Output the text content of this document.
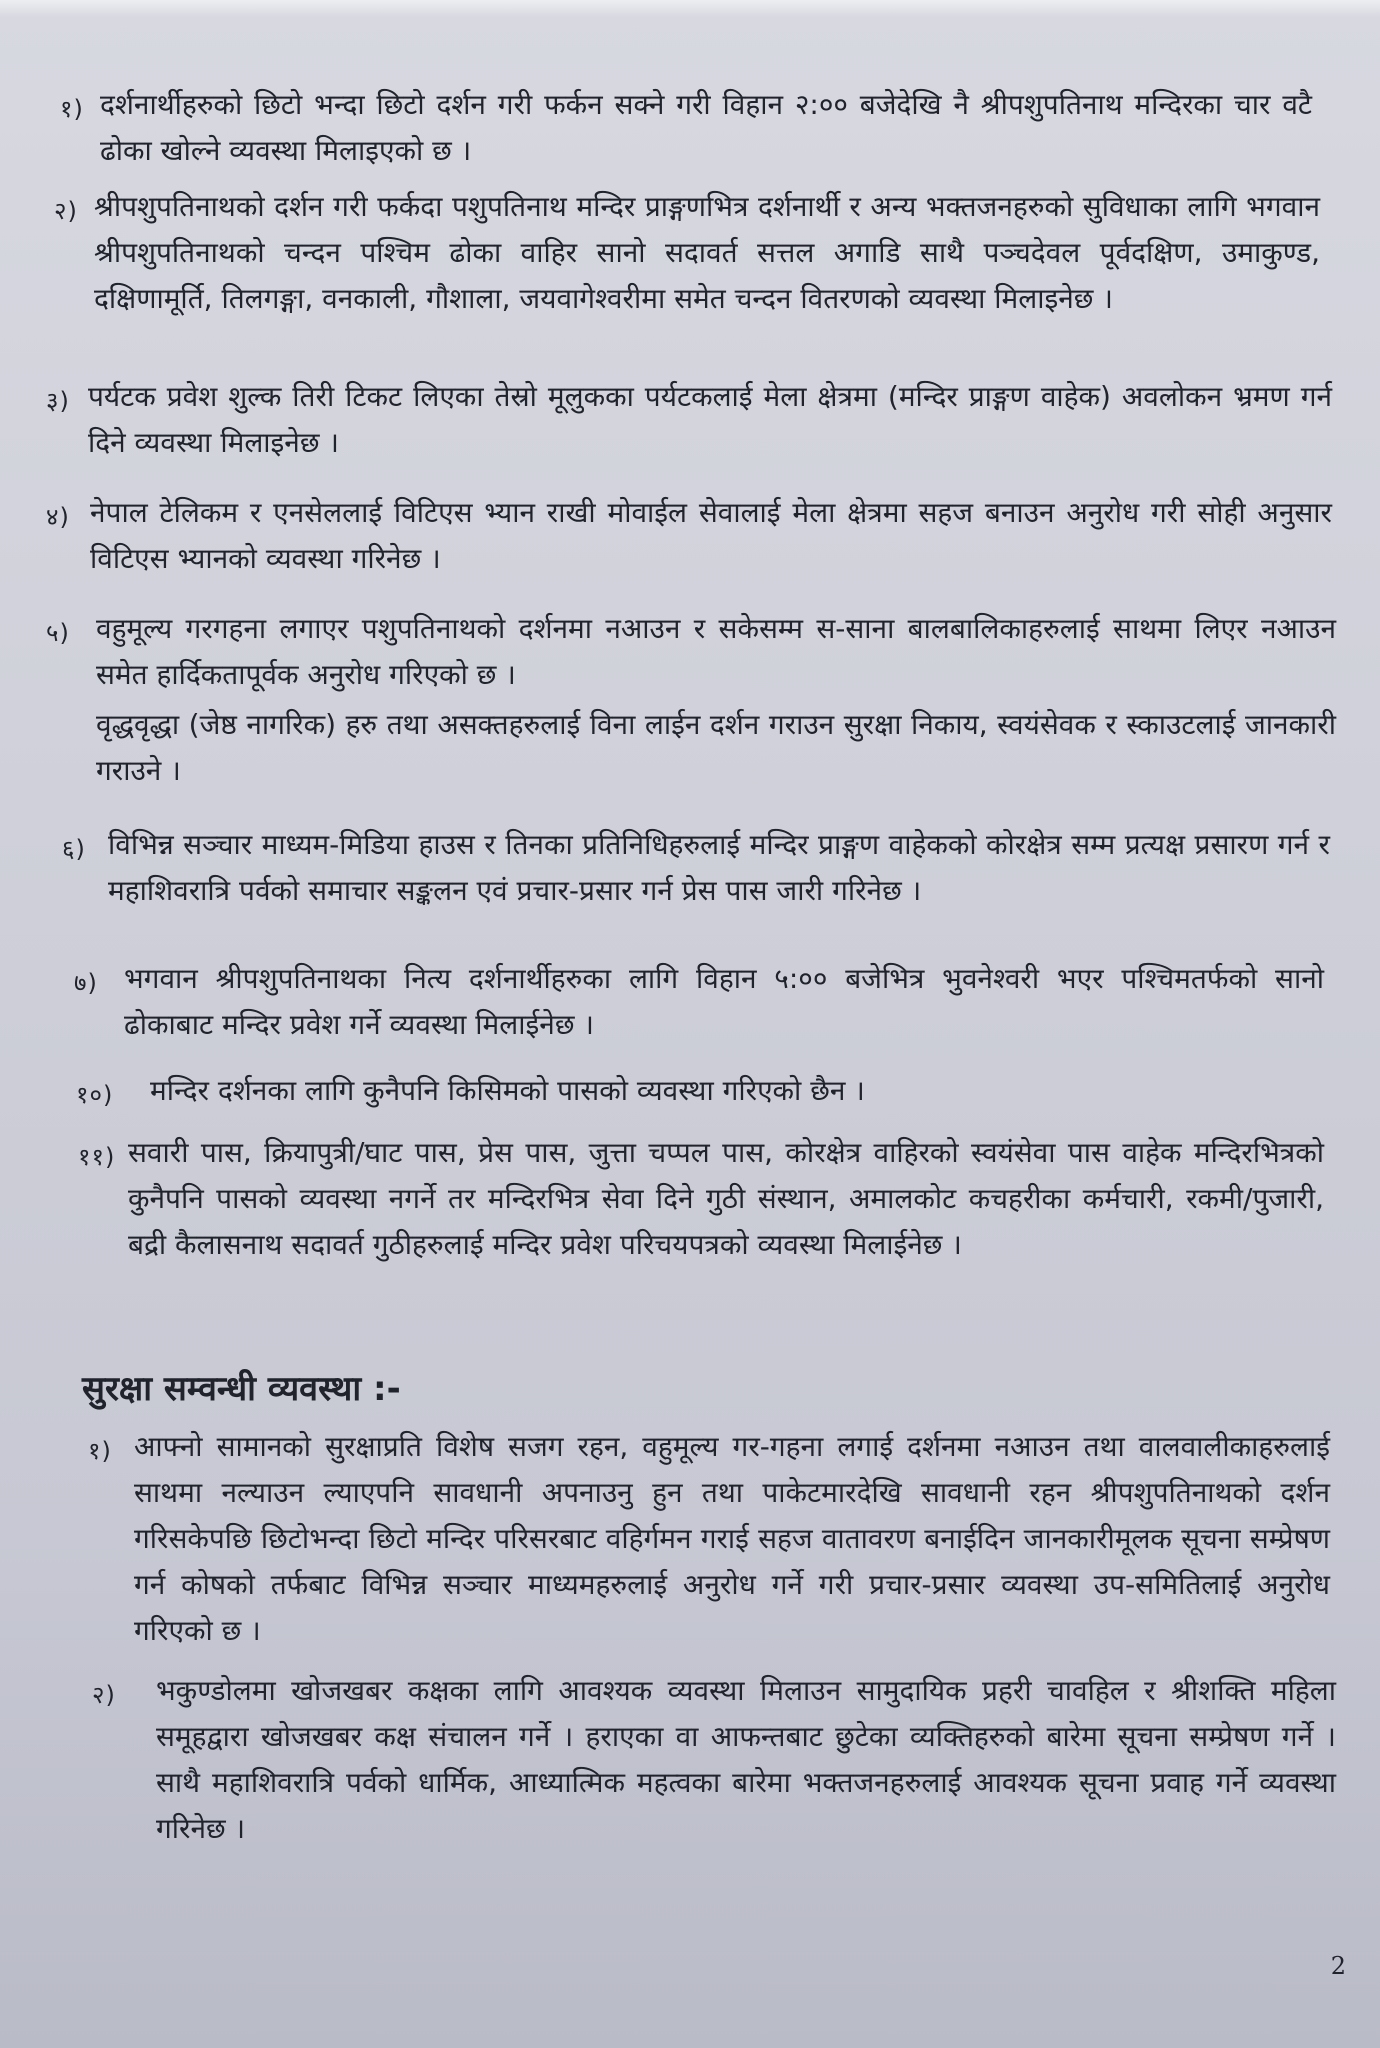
१) दर्शनार्थीहरुको छिटो भन्दा छिटो दर्शन गरी फर्कन सक्ने गरी विहान २:०० बजेदेखि नै श्रीपशुपतिनाथ मन्दिरका चार वटै ढोका खोल्ने व्यवस्था मिलाइएको छ ।
२) श्रीपशुपतिनाथको दर्शन गरी फर्कदा पशुपतिनाथ मन्दिर प्राङ्गणभित्र दर्शनार्थी र अन्य भक्तजनहरुको सुविधाका लागि भगवान श्रीपशुपतिनाथको चन्दन पश्चिम ढोका वाहिर सानो सदावर्त सत्तल अगाडि साथै पञ्चदेवल पूर्वदक्षिण, उमाकुण्ड, दक्षिणामूर्ति, तिलगङ्गा, वनकाली, गौशाला, जयवागेश्वरीमा समेत चन्दन वितरणको व्यवस्था मिलाइनेछ ।
३) पर्यटक प्रवेश शुल्क तिरी टिकट लिएका तेस्रो मूलुकका पर्यटकलाई मेला क्षेत्रमा (मन्दिर प्राङ्गण वाहेक) अवलोकन भ्रमण गर्न दिने व्यवस्था मिलाइनेछ ।
४) नेपाल टेलिकम र एनसेललाई विटिएस भ्यान राखी मोवाईल सेवालाई मेला क्षेत्रमा सहज बनाउन अनुरोध गरी सोही अनुसार विटिएस भ्यानको व्यवस्था गरिनेछ ।
५) वहुमूल्य गरगहना लगाएर पशुपतिनाथको दर्शनमा नआउन र सकेसम्म स-साना बालबालिकाहरुलाई साथमा लिएर नआउन समेत हार्दिकतापूर्वक अनुरोध गरिएको छ ।
वृद्धवृद्धा (जेष्ठ नागरिक) हरु तथा असक्तहरुलाई विना लाईन दर्शन गराउन सुरक्षा निकाय, स्वयंसेवक र स्काउटलाई जानकारी गराउने ।
६) विभिन्न सञ्चार माध्यम-मिडिया हाउस र तिनका प्रतिनिधिहरुलाई मन्दिर प्राङ्गण वाहेकको कोरक्षेत्र सम्म प्रत्यक्ष प्रसारण गर्न र महाशिवरात्रि पर्वको समाचार सङ्कलन एवं प्रचार-प्रसार गर्न प्रेस पास जारी गरिनेछ ।
७) भगवान श्रीपशुपतिनाथका नित्य दर्शनार्थीहरुका लागि विहान ५:०० बजेभित्र भुवनेश्वरी भएर पश्चिमतर्फको सानो ढोकाबाट मन्दिर प्रवेश गर्ने व्यवस्था मिलाईनेछ ।
१०) मन्दिर दर्शनका लागि कुनैपनि किसिमको पासको व्यवस्था गरिएको छैन ।
११) सवारी पास, क्रियापुत्री/घाट पास, प्रेस पास, जुत्ता चप्पल पास, कोरक्षेत्र वाहिरको स्वयंसेवा पास वाहेक मन्दिरभित्रको कुनैपनि पासको व्यवस्था नगर्ने तर मन्दिरभित्र सेवा दिने गुठी संस्थान, अमालकोट कचहरीका कर्मचारी, रकमी/पुजारी, बद्री कैलासनाथ सदावर्त गुठीहरुलाई मन्दिर प्रवेश परिचयपत्रको व्यवस्था मिलाईनेछ ।
सुरक्षा सम्वन्धी व्यवस्था :-
१) आफ्नो सामानको सुरक्षाप्रति विशेष सजग रहन, वहुमूल्य गर-गहना लगाई दर्शनमा नआउन तथा वालवालीकाहरुलाई साथमा नल्याउन ल्याएपनि सावधानी अपनाउनु हुन तथा पाकेटमारदेखि सावधानी रहन श्रीपशुपतिनाथको दर्शन गरिसकेपछि छिटोभन्दा छिटो मन्दिर परिसरबाट वहिर्गमन गराई सहज वातावरण बनाईदिन जानकारीमूलक सूचना सम्प्रेषण गर्न कोषको तर्फबाट विभिन्न सञ्चार माध्यमहरुलाई अनुरोध गर्ने गरी प्रचार-प्रसार व्यवस्था उप-समितिलाई अनुरोध गरिएको छ ।
२) भकुण्डोलमा खोजखबर कक्षका लागि आवश्यक व्यवस्था मिलाउन सामुदायिक प्रहरी चावहिल र श्रीशक्ति महिला समूहद्वारा खोजखबर कक्ष संचालन गर्ने । हराएका वा आफन्तबाट छुटेका व्यक्तिहरुको बारेमा सूचना सम्प्रेषण गर्ने । साथै महाशिवरात्रि पर्वको धार्मिक, आध्यात्मिक महत्वका बारेमा भक्तजनहरुलाई आवश्यक सूचना प्रवाह गर्ने व्यवस्था गरिनेछ ।
2
